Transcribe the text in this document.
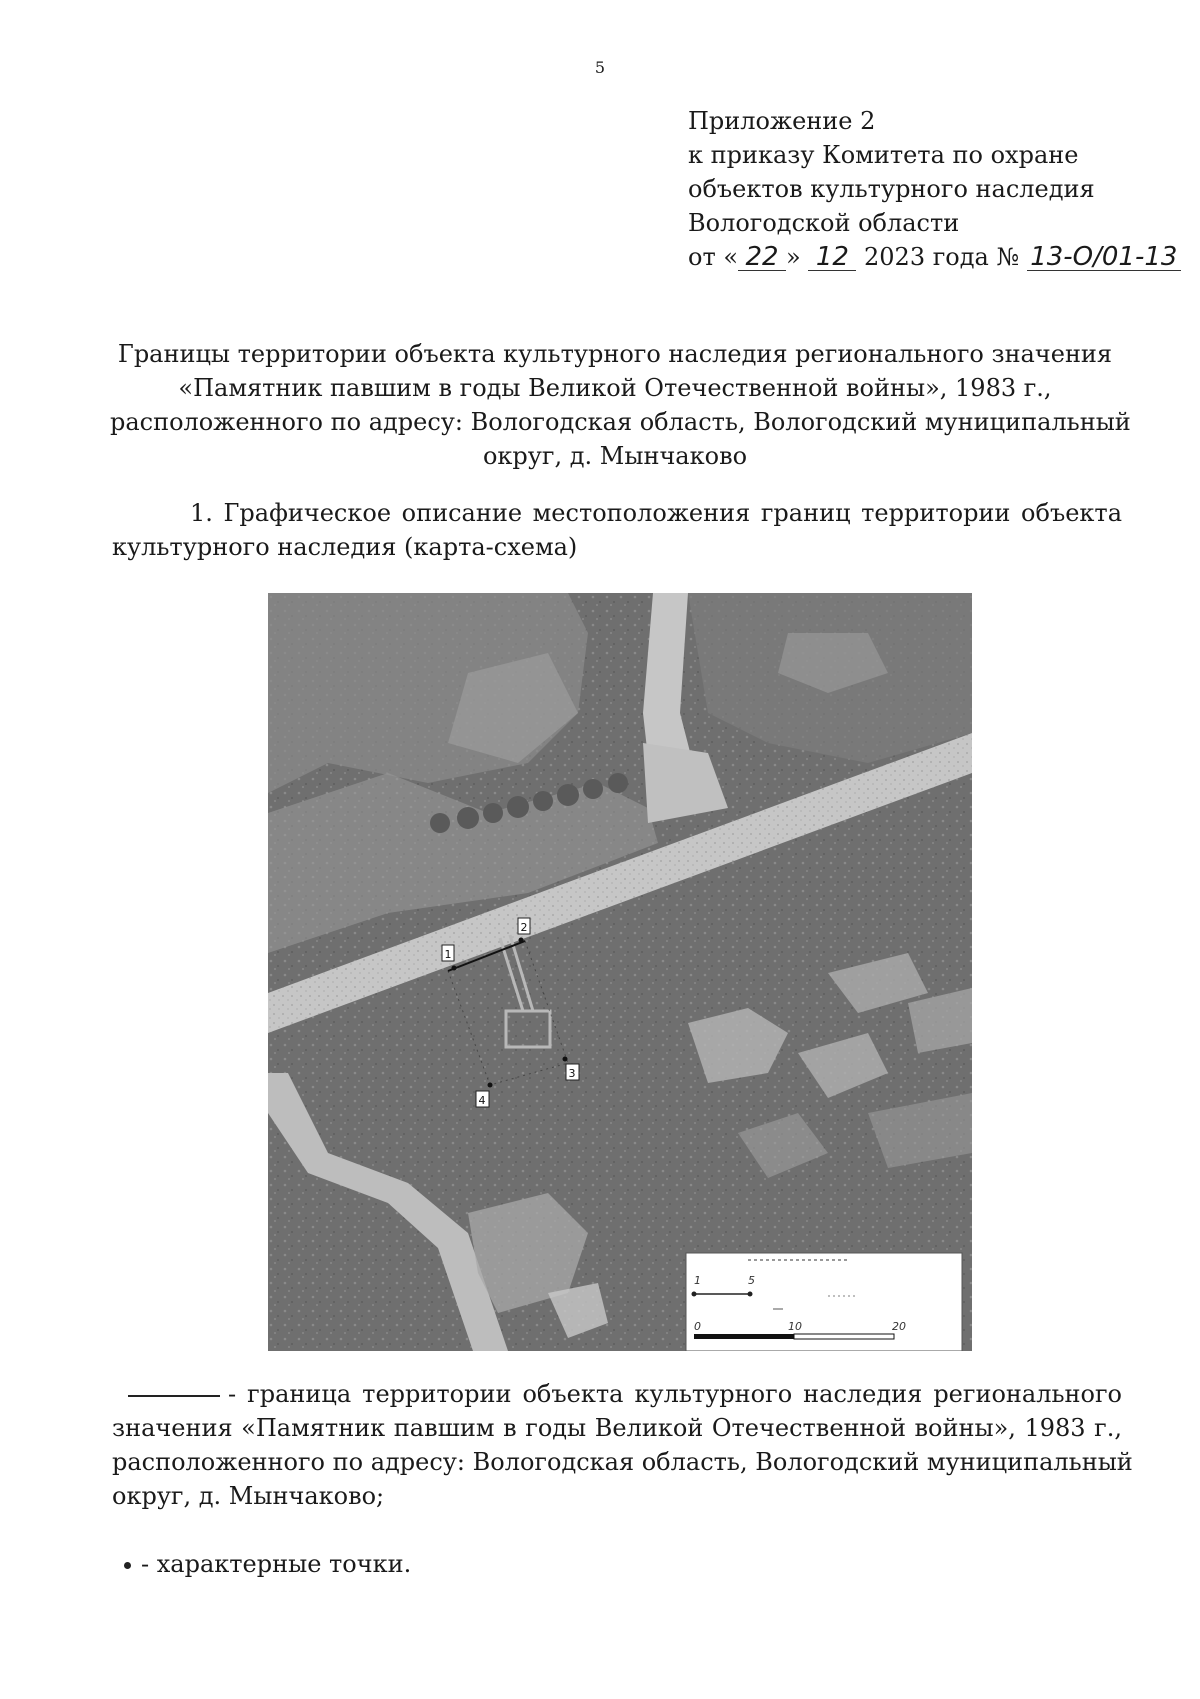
5
Приложение 2
к приказу Комитета по охране
объектов культурного наследия
Вологодской области
от « 22 » 12 2023 года № 13-О/01-13
Границы территории объекта культурного наследия регионального значения
«Памятник павшим в годы Великой Отечественной войны», 1983 г.,
расположенного по адресу: Вологодская область, Вологодский муниципальный
округ, д. Мынчаково
1. Графическое описание местоположения границ территории объекта
культурного наследия (карта-схема)
1
2
3
4
1	5
0	10	20
- граница территории объекта культурного наследия регионального
значения «Памятник павшим в годы Великой Отечественной войны», 1983 г.,
расположенного по адресу: Вологодская область, Вологодский муниципальный
округ, д. Мынчаково;
- характерные точки.
